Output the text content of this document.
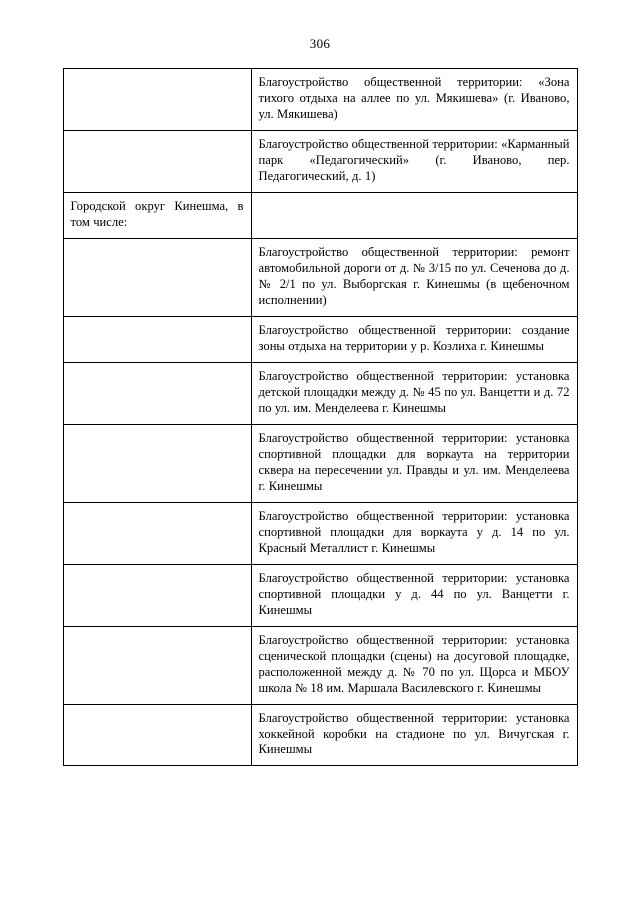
306

	Благоустройство общественной территории: «Зона тихого отдыха на аллее по ул. Мякишева» (г. Иваново, ул. Мякишева)

	Благоустройство общественной территории: «Карманный парк «Педагогический» (г. Иваново, пер. Педагогический, д. 1)

Городской округ Кинешма, в том числе:	

	Благоустройство общественной территории: ремонт автомобильной дороги от д. № 3/15 по ул. Сеченова до д. № 2/1 по ул. Выборгская г. Кинешмы (в щебеночном исполнении)

	Благоустройство общественной территории: создание зоны отдыха на территории у р. Козлиха г. Кинешмы

	Благоустройство общественной территории: установка детской площадки между д. № 45 по ул. Ванцетти и д. 72 по ул. им. Менделеева г. Кинешмы

	Благоустройство общественной территории: установка спортивной площадки для воркаута на территории сквера на пересечении ул. Правды и ул. им. Менделеева г. Кинешмы

	Благоустройство общественной территории: установка спортивной площадки для воркаута у д. 14 по ул. Красный Металлист г. Кинешмы

	Благоустройство общественной территории: установка спортивной площадки у д. 44 по ул. Ванцетти г. Кинешмы

	Благоустройство общественной территории: установка сценической площадки (сцены) на досуговой площадке, расположенной между д. № 70 по ул. Щорса и МБОУ школа № 18 им. Маршала Василевского г. Кинешмы

	Благоустройство общественной территории: установка хоккейной коробки на стадионе по ул. Вичугская г. Кинешмы
